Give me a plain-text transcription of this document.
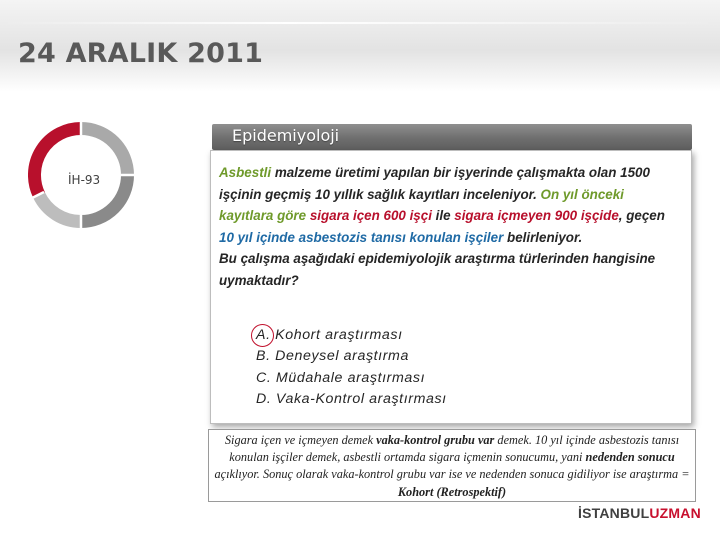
24 ARALIK 2011
İH-93
Epidemiyoloji
Asbestli malzeme üretimi yapılan bir işyerinde çalışmakta olan 1500 işçinin geçmiş 10 yıllık sağlık kayıtları inceleniyor. On yıl önceki kayıtlara göre sigara içen 600 işçi ile sigara içmeyen 900 işçide, geçen 10 yıl içinde asbestozis tanısı konulan işçiler belirleniyor.
Bu çalışma aşağıdaki epidemiyolojik araştırma türlerinden hangisine uymaktadır?
A. Kohort araştırması
B. Deneysel araştırma
C. Müdahale araştırması
D. Vaka-Kontrol araştırması
Sigara içen ve içmeyen demek vaka-kontrol grubu var demek. 10 yıl içinde asbestozis tanısı konulan işçiler demek, asbestli ortamda sigara içmenin sonucumu, yani nedenden sonucu açıklıyor. Sonuç olarak vaka-kontrol grubu var ise ve nedenden sonuca gidiliyor ise araştırma = Kohort (Retrospektif)
İSTANBULUZMAN
